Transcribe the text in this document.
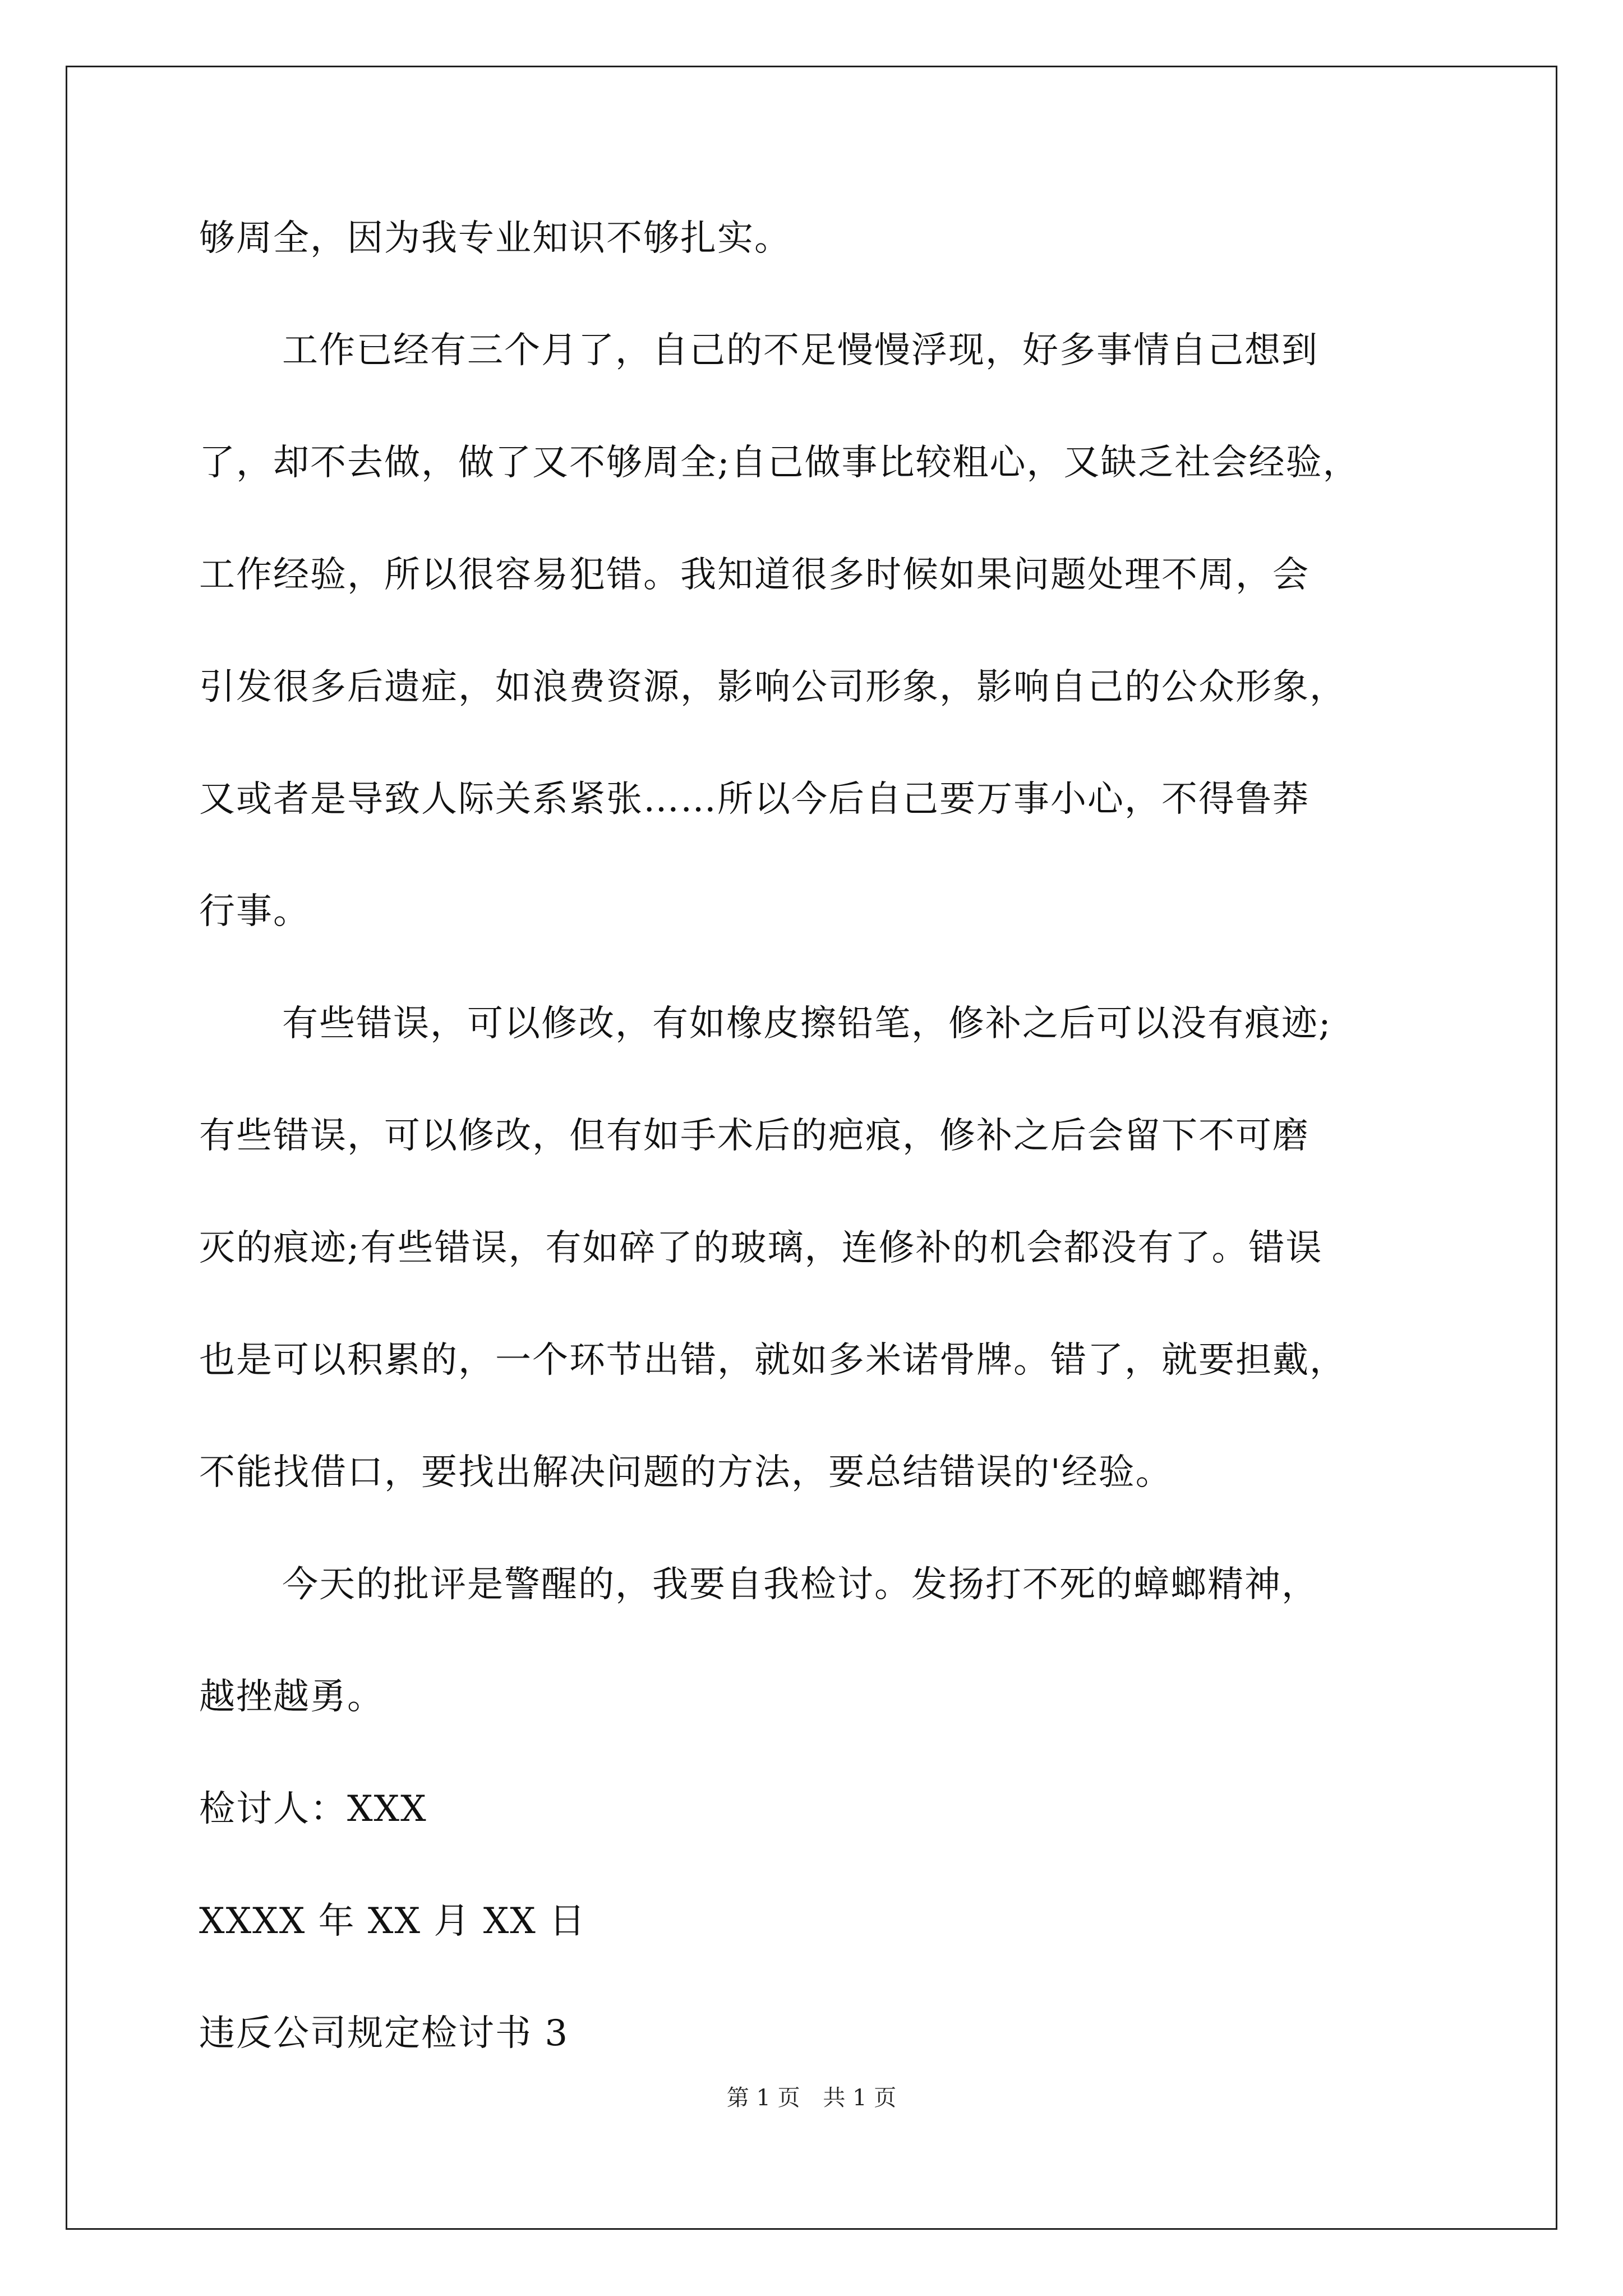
够周全，因为我专业知识不够扎实。
工作已经有三个月了，自己的不足慢慢浮现，好多事情自己想到
了，却不去做，做了又不够周全;自己做事比较粗心，又缺乏社会经验，
工作经验，所以很容易犯错。我知道很多时候如果问题处理不周，会
引发很多后遗症，如浪费资源，影响公司形象，影响自己的公众形象，
又或者是导致人际关系紧张……所以今后自己要万事小心，不得鲁莽
行事。
有些错误，可以修改，有如橡皮擦铅笔，修补之后可以没有痕迹;
有些错误，可以修改，但有如手术后的疤痕，修补之后会留下不可磨
灭的痕迹;有些错误，有如碎了的玻璃，连修补的机会都没有了。错误
也是可以积累的，一个环节出错，就如多米诺骨牌。错了，就要担戴，
不能找借口，要找出解决问题的方法，要总结错误的'经验。
今天的批评是警醒的，我要自我检讨。发扬打不死的蟑螂精神，
越挫越勇。
检讨人：XXX
XXXX 年 XX 月 XX 日
违反公司规定检讨书 3
第 1 页 共 1 页
